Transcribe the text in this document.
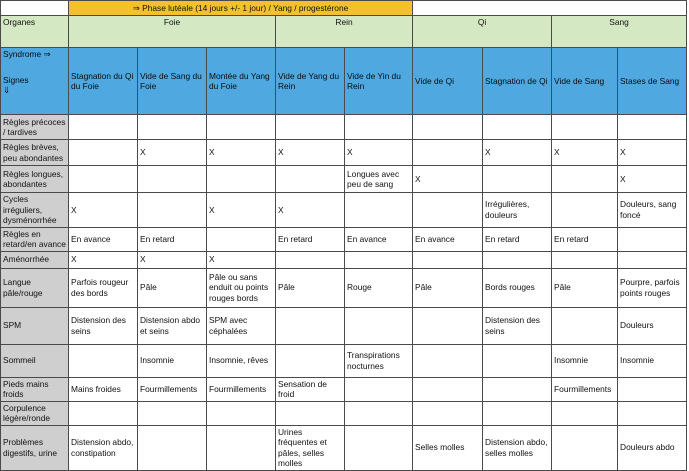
	⇒ Phase lutéale (14 jours +/- 1 jour) / Yang / progestérone								
Organes	Foie			Rein		Qi		Sang	

Syndrome ⇒
Signes
⇓	Stagnation du Qi du Foie	Vide de Sang du Foie	Montée du Yang du Foie	Vide de Yang du Rein	Vide de Yin du Rein	Vide de Qi	Stagnation de Qi	Vide de Sang	Stases de Sang
Règles précoces / tardives									
Règles brèves, peu abondantes		X	X	X	X		X	X	X
Règles longues, abondantes					Longues avec peu de sang	X			X
Cycles irréguliers, dysménorrhée	X		X	X			Irrégulières, douleurs		Douleurs, sang foncé
Règles en retard/en avance	En avance	En retard		En retard	En avance	En avance	En retard	En retard	
Aménorrhée	X	X	X						
Langue pâle/rouge	Parfois rougeur des bords	Pâle	Pâle ou sans enduit ou points rouges bords	Pâle	Rouge	Pâle	Bords rouges	Pâle	Pourpre, parfois points rouges
SPM	Distension des seins	Distension abdo et seins	SPM avec céphalées				Distension des seins		Douleurs
Sommeil		Insomnie	Insomnie, rêves		Transpirations nocturnes			Insomnie	Insomnie
Pieds mains froids	Mains froides	Fourmillements	Fourmillements	Sensation de froid				Fourmillements	
Corpulence légère/ronde									
Problèmes digestifs, urine	Distension abdo, constipation			Urines fréquentes et pâles, selles molles		Selles molles	Distension abdo, selles molles		Douleurs abdo
